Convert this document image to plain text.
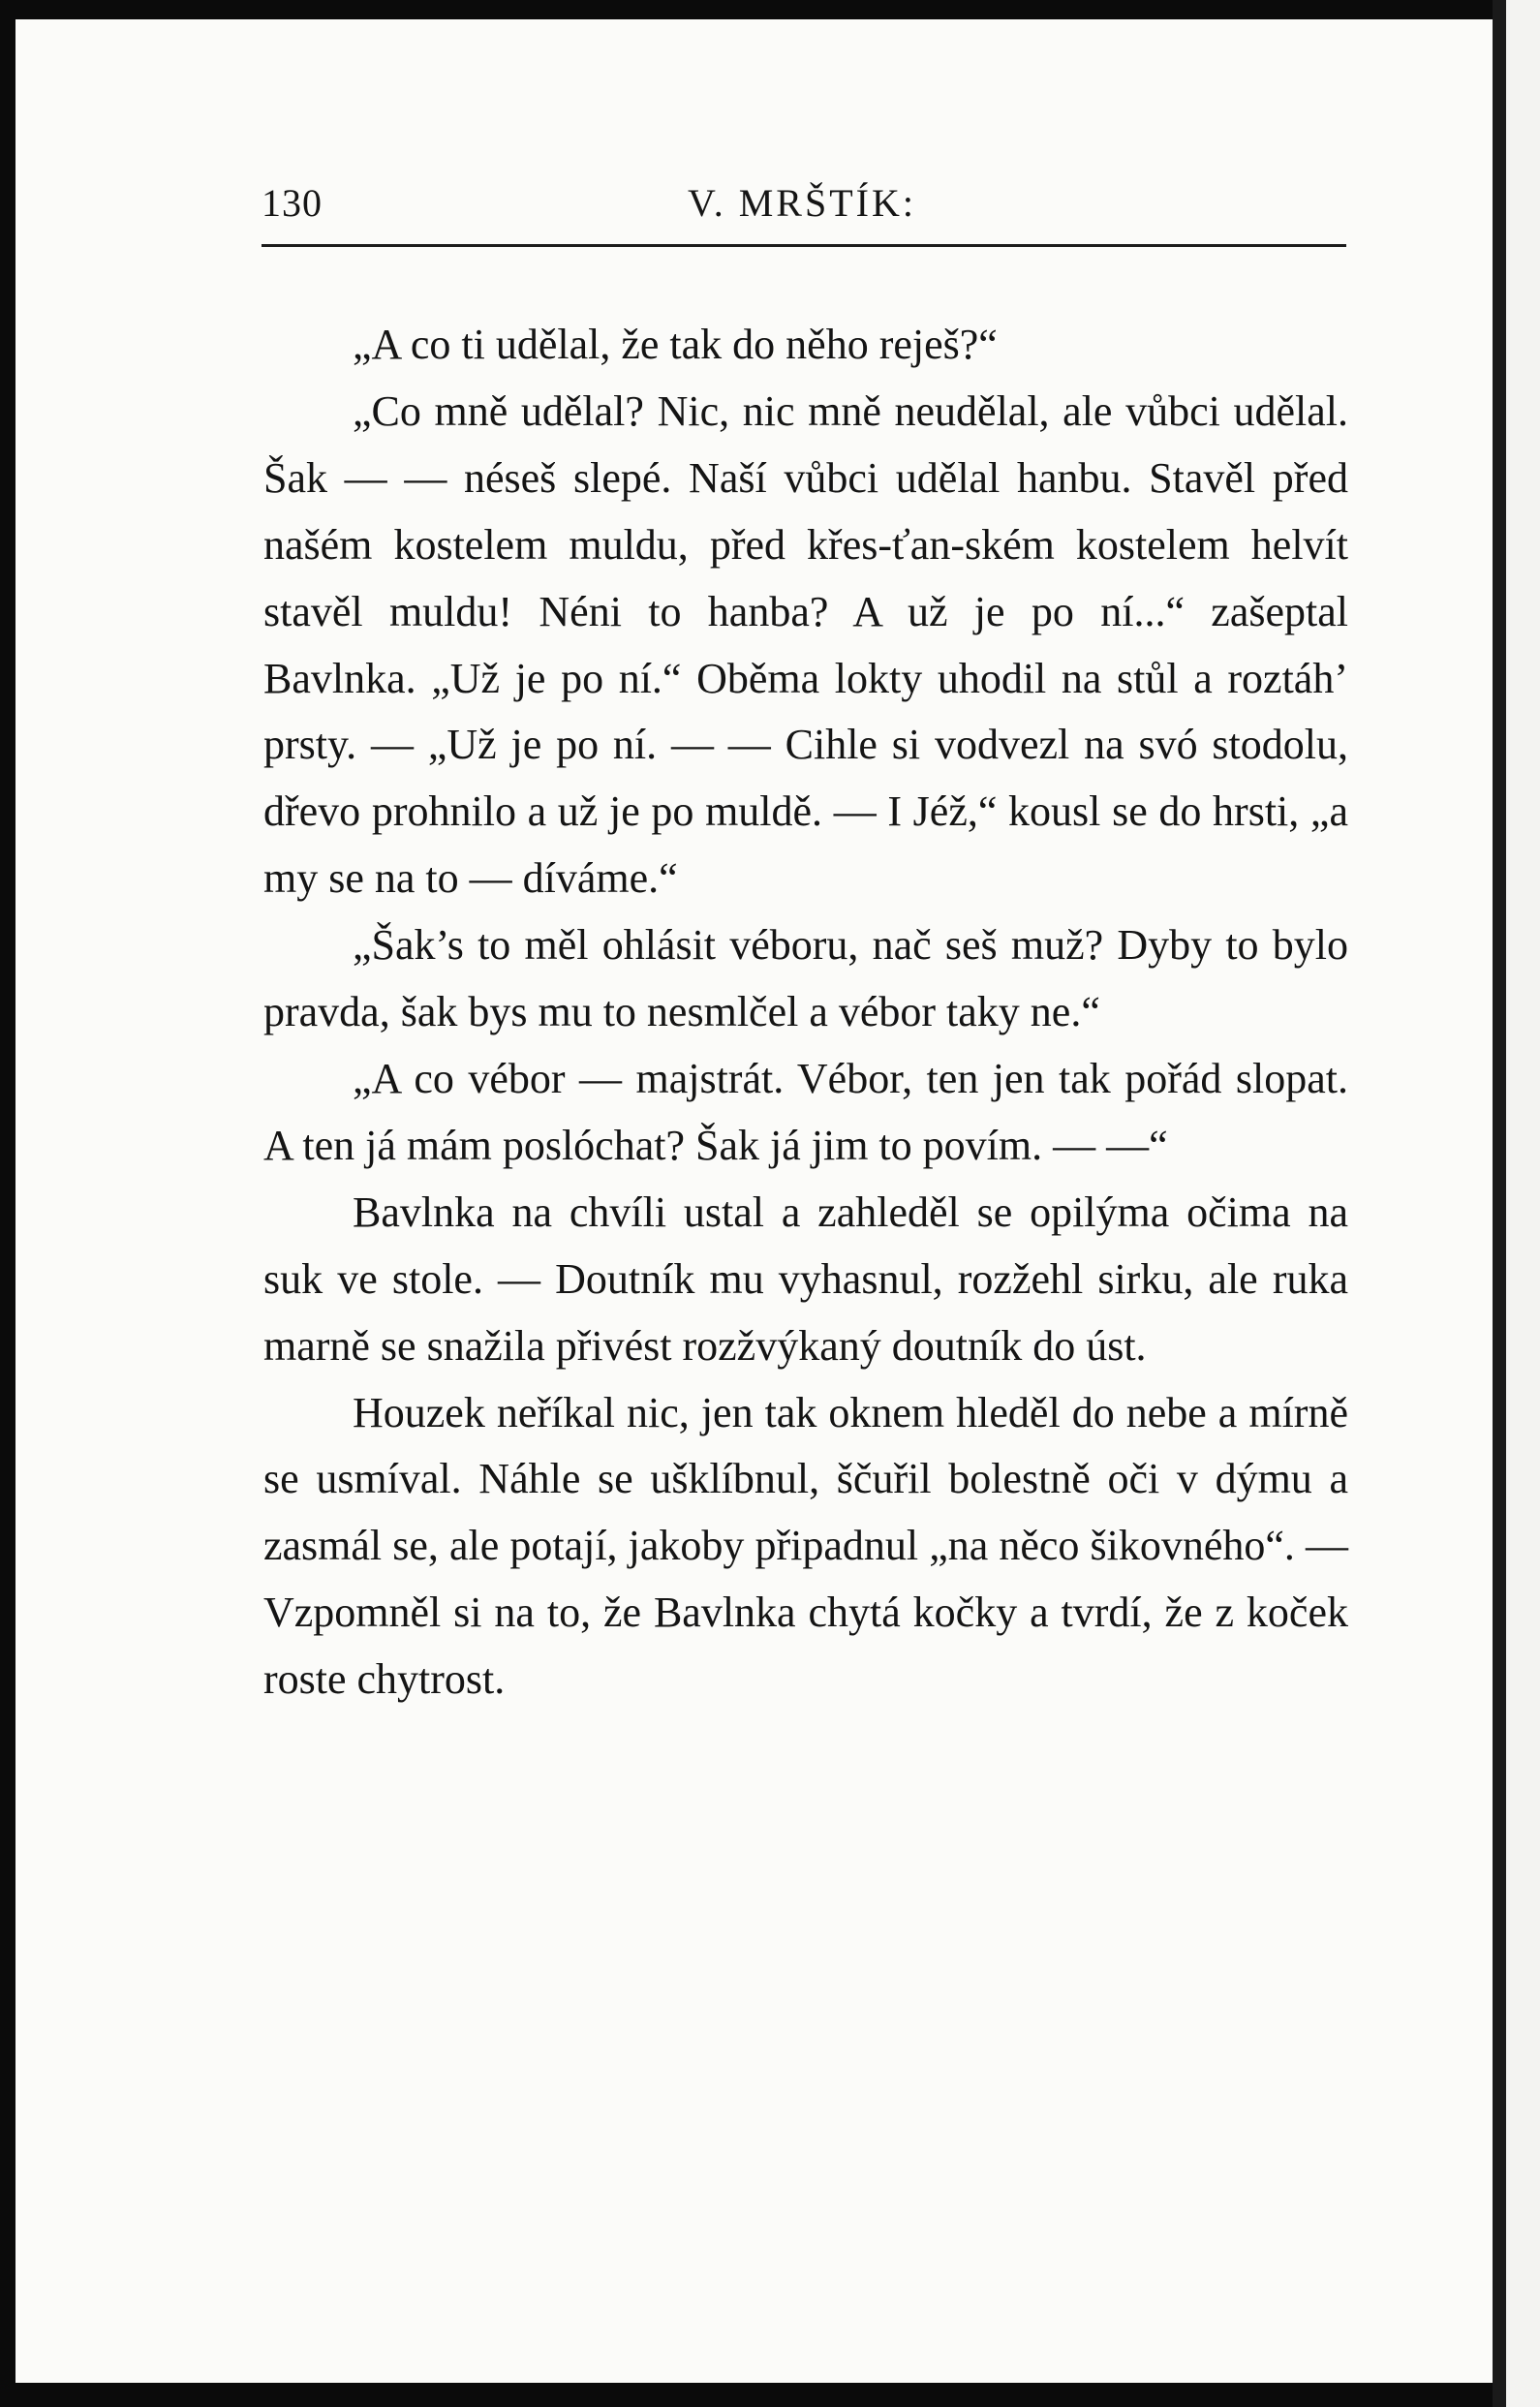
130	V. MRŠTÍK:

„A co ti udělal, že tak do něho reješ?“

„Co mně udělal? Nic, nic mně neudělal, ale vůbci udělal. Šak — — néseš slepé. Naší vůbci udělal hanbu. Stavěl před našém kostelem muldu, před křes-ťan-ském kostelem helvít stavěl muldu! Néni to hanba? A už je po ní...“ zašeptal Bavlnka. „Už je po ní.“ Oběma lokty uhodil na stůl a roztáh’ prsty. — „Už je po ní. — — Cihle si vodvezl na svó stodolu, dřevo prohnilo a už je po muldě. — I Jéž,“ kousl se do hrsti, „a my se na to — díváme.“

„Šak’s to měl ohlásit véboru, nač seš muž? Dyby to bylo pravda, šak bys mu to nesmlčel a vébor taky ne.“

„A co vébor — majstrát. Vébor, ten jen tak pořád slopat. A ten já mám poslóchat? Šak já jim to povím. — —“

Bavlnka na chvíli ustal a zahleděl se opilýma očima na suk ve stole. — Doutník mu vyhasnul, rozžehl sirku, ale ruka marně se snažila přivést rozžvýkaný doutník do úst.

Houzek neříkal nic, jen tak oknem hleděl do nebe a mírně se usmíval. Náhle se ušklíbnul, ščuřil bolestně oči v dýmu a zasmál se, ale potají, jakoby připadnul „na něco šikovného“. — Vzpomněl si na to, že Bavlnka chytá kočky a tvrdí, že z koček roste chytrost.
